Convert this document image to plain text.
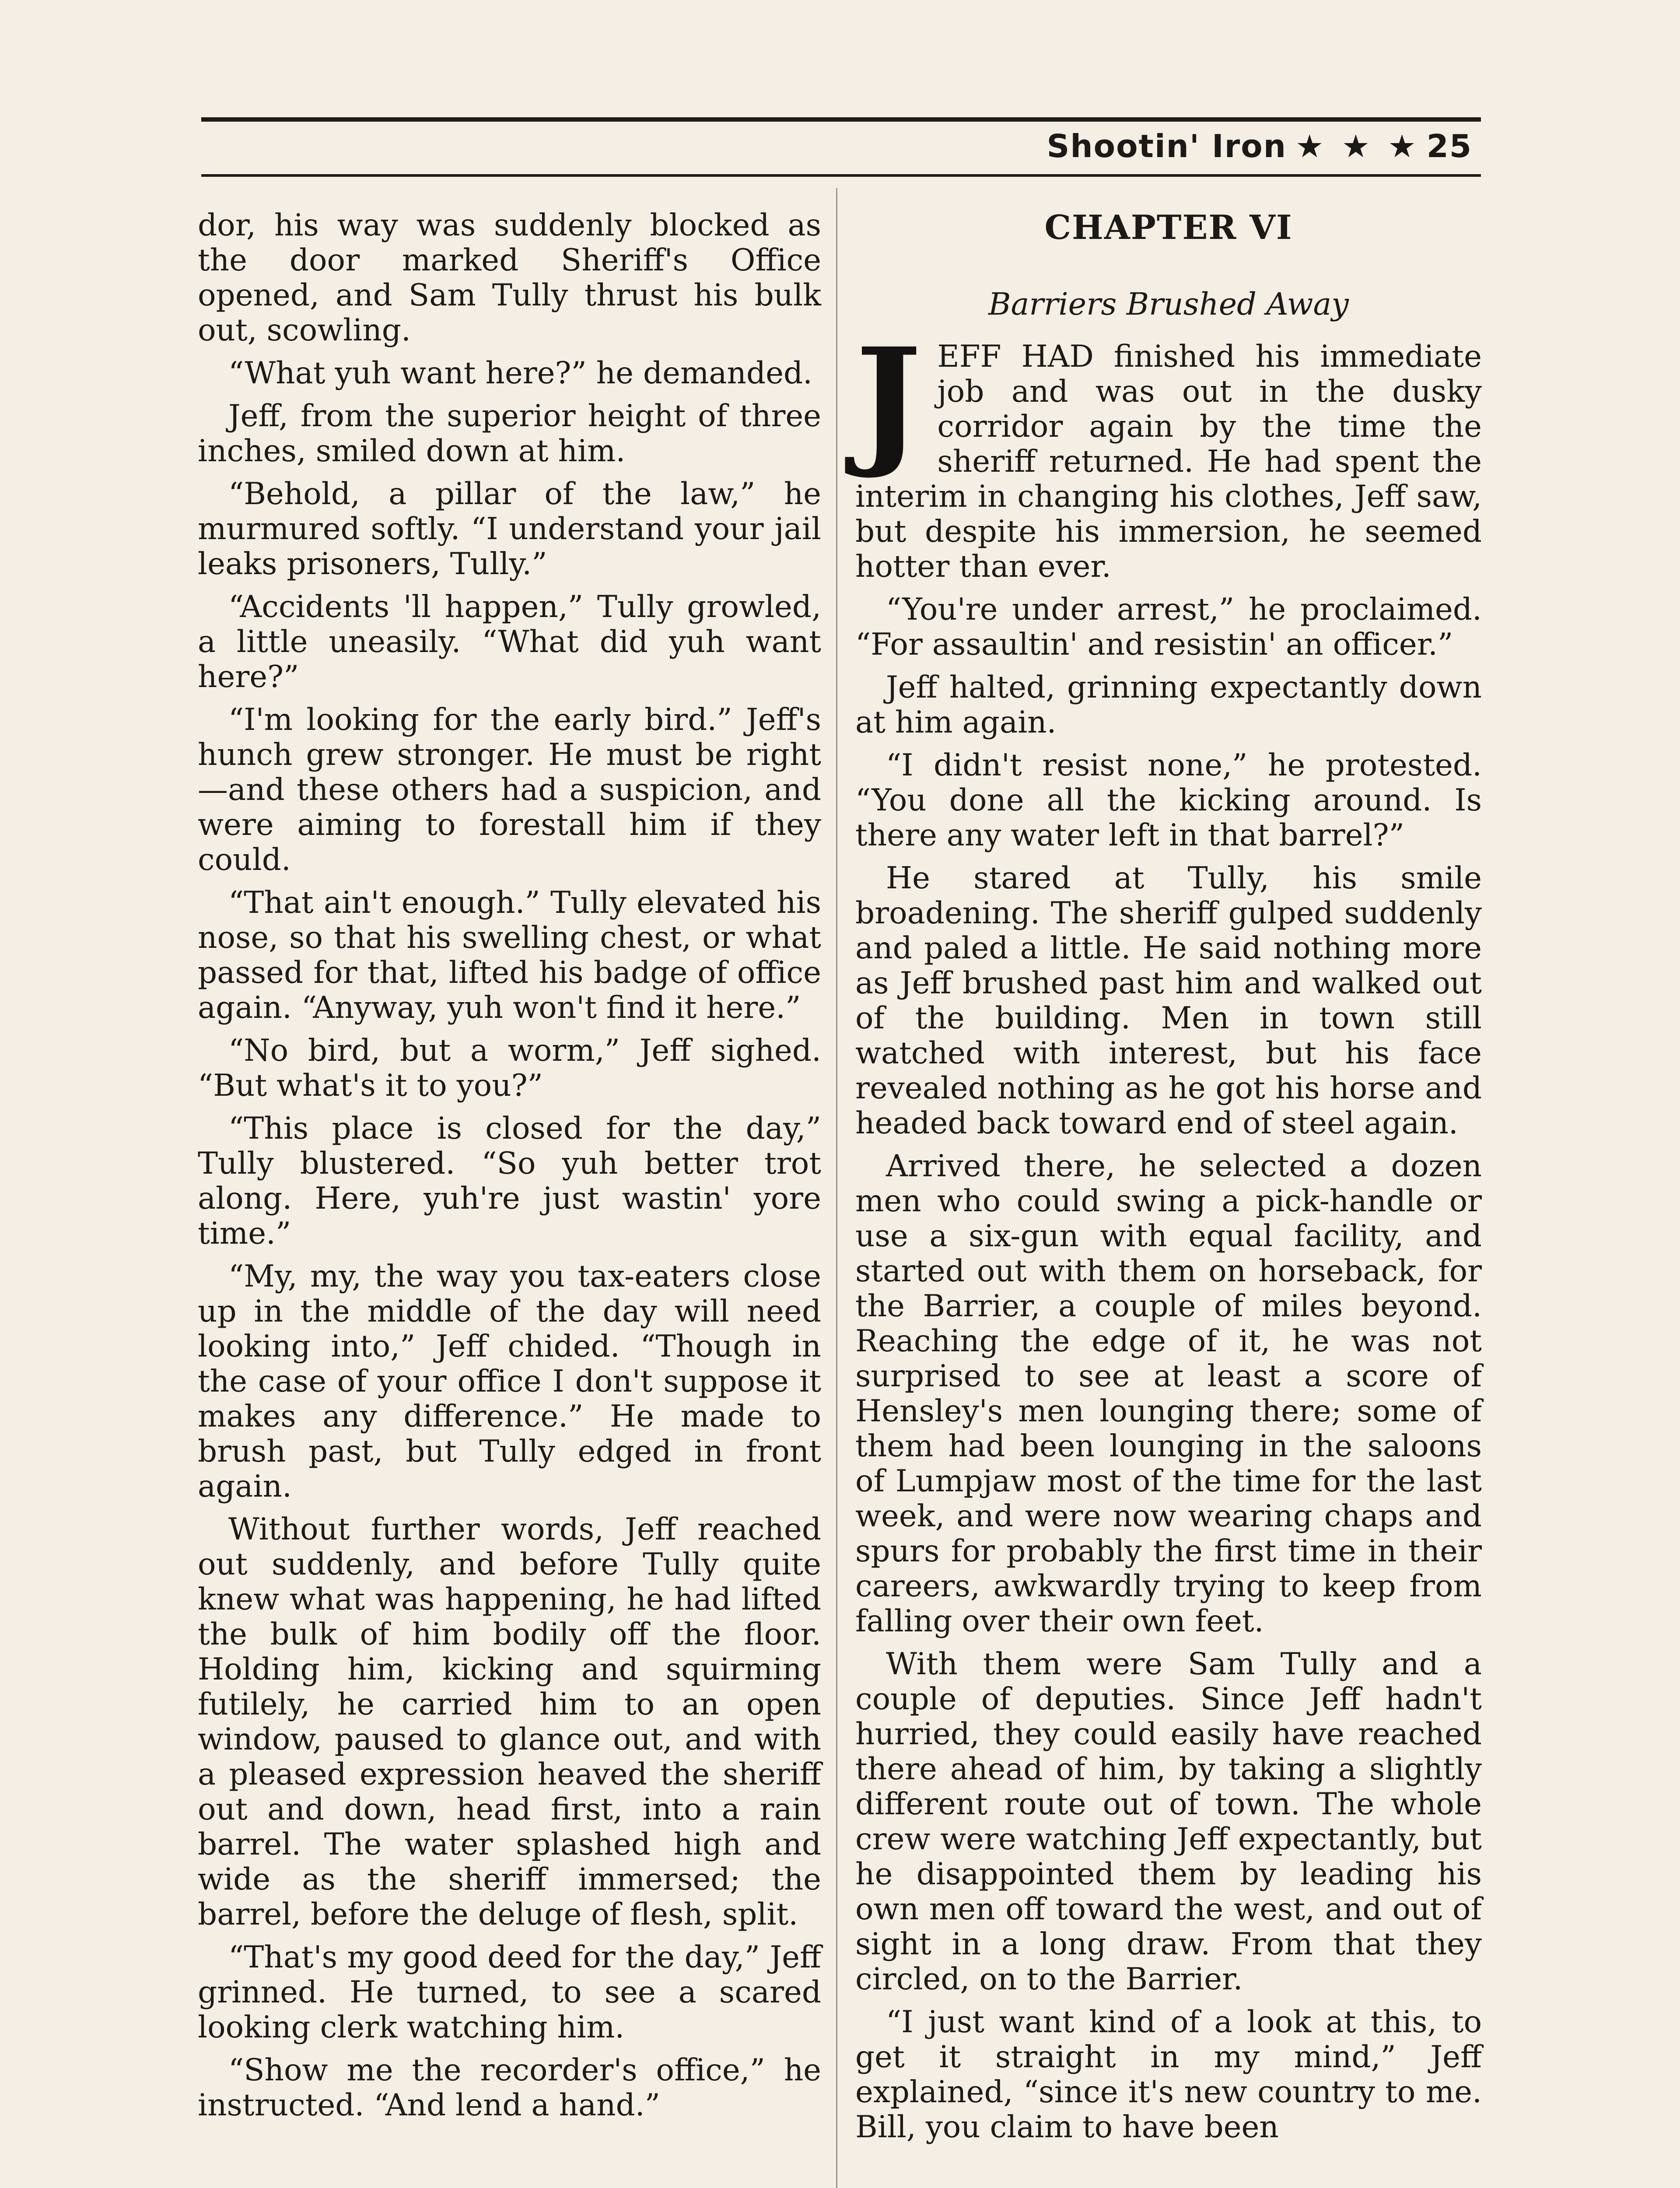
Shootin' Iron ★ ★ ★ 25

dor, his way was suddenly blocked as the door marked Sheriff's Office opened, and Sam Tully thrust his bulk out, scowling.

“What yuh want here?” he demanded.

Jeff, from the superior height of three inches, smiled down at him.

“Behold, a pillar of the law,” he murmured softly. “I understand your jail leaks prisoners, Tully.”

“Accidents 'll happen,” Tully growled, a little uneasily. “What did yuh want here?”

“I'm looking for the early bird.” Jeff's hunch grew stronger. He must be right—and these others had a suspicion, and were aiming to forestall him if they could.

“That ain't enough.” Tully elevated his nose, so that his swelling chest, or what passed for that, lifted his badge of office again. “Anyway, yuh won't find it here.”

“No bird, but a worm,” Jeff sighed. “But what's it to you?”

“This place is closed for the day,” Tully blustered. “So yuh better trot along. Here, yuh're just wastin' yore time.”

“My, my, the way you tax-eaters close up in the middle of the day will need looking into,” Jeff chided. “Though in the case of your office I don't suppose it makes any difference.” He made to brush past, but Tully edged in front again.

Without further words, Jeff reached out suddenly, and before Tully quite knew what was happening, he had lifted the bulk of him bodily off the floor. Holding him, kicking and squirming futilely, he carried him to an open window, paused to glance out, and with a pleased expression heaved the sheriff out and down, head first, into a rain barrel. The water splashed high and wide as the sheriff immersed; the barrel, before the deluge of flesh, split.

“That's my good deed for the day,” Jeff grinned. He turned, to see a scared looking clerk watching him.

“Show me the recorder's office,” he instructed. “And lend a hand.”

CHAPTER VI
Barriers Brushed Away

JEFF HAD finished his immediate job and was out in the dusky corridor again by the time the sheriff returned. He had spent the interim in changing his clothes, Jeff saw, but despite his immersion, he seemed hotter than ever.

“You're under arrest,” he proclaimed. “For assaultin' and resistin' an officer.”

Jeff halted, grinning expectantly down at him again.

“I didn't resist none,” he protested. “You done all the kicking around. Is there any water left in that barrel?”

He stared at Tully, his smile broadening. The sheriff gulped suddenly and paled a little. He said nothing more as Jeff brushed past him and walked out of the building. Men in town still watched with interest, but his face revealed nothing as he got his horse and headed back toward end of steel again.

Arrived there, he selected a dozen men who could swing a pick-handle or use a six-gun with equal facility, and started out with them on horseback, for the Barrier, a couple of miles beyond. Reaching the edge of it, he was not surprised to see at least a score of Hensley's men lounging there; some of them had been lounging in the saloons of Lumpjaw most of the time for the last week, and were now wearing chaps and spurs for probably the first time in their careers, awkwardly trying to keep from falling over their own feet.

With them were Sam Tully and a couple of deputies. Since Jeff hadn't hurried, they could easily have reached there ahead of him, by taking a slightly different route out of town. The whole crew were watching Jeff expectantly, but he disappointed them by leading his own men off toward the west, and out of sight in a long draw. From that they circled, on to the Barrier.

“I just want kind of a look at this, to get it straight in my mind,” Jeff explained, “since it's new country to me. Bill, you claim to have been
